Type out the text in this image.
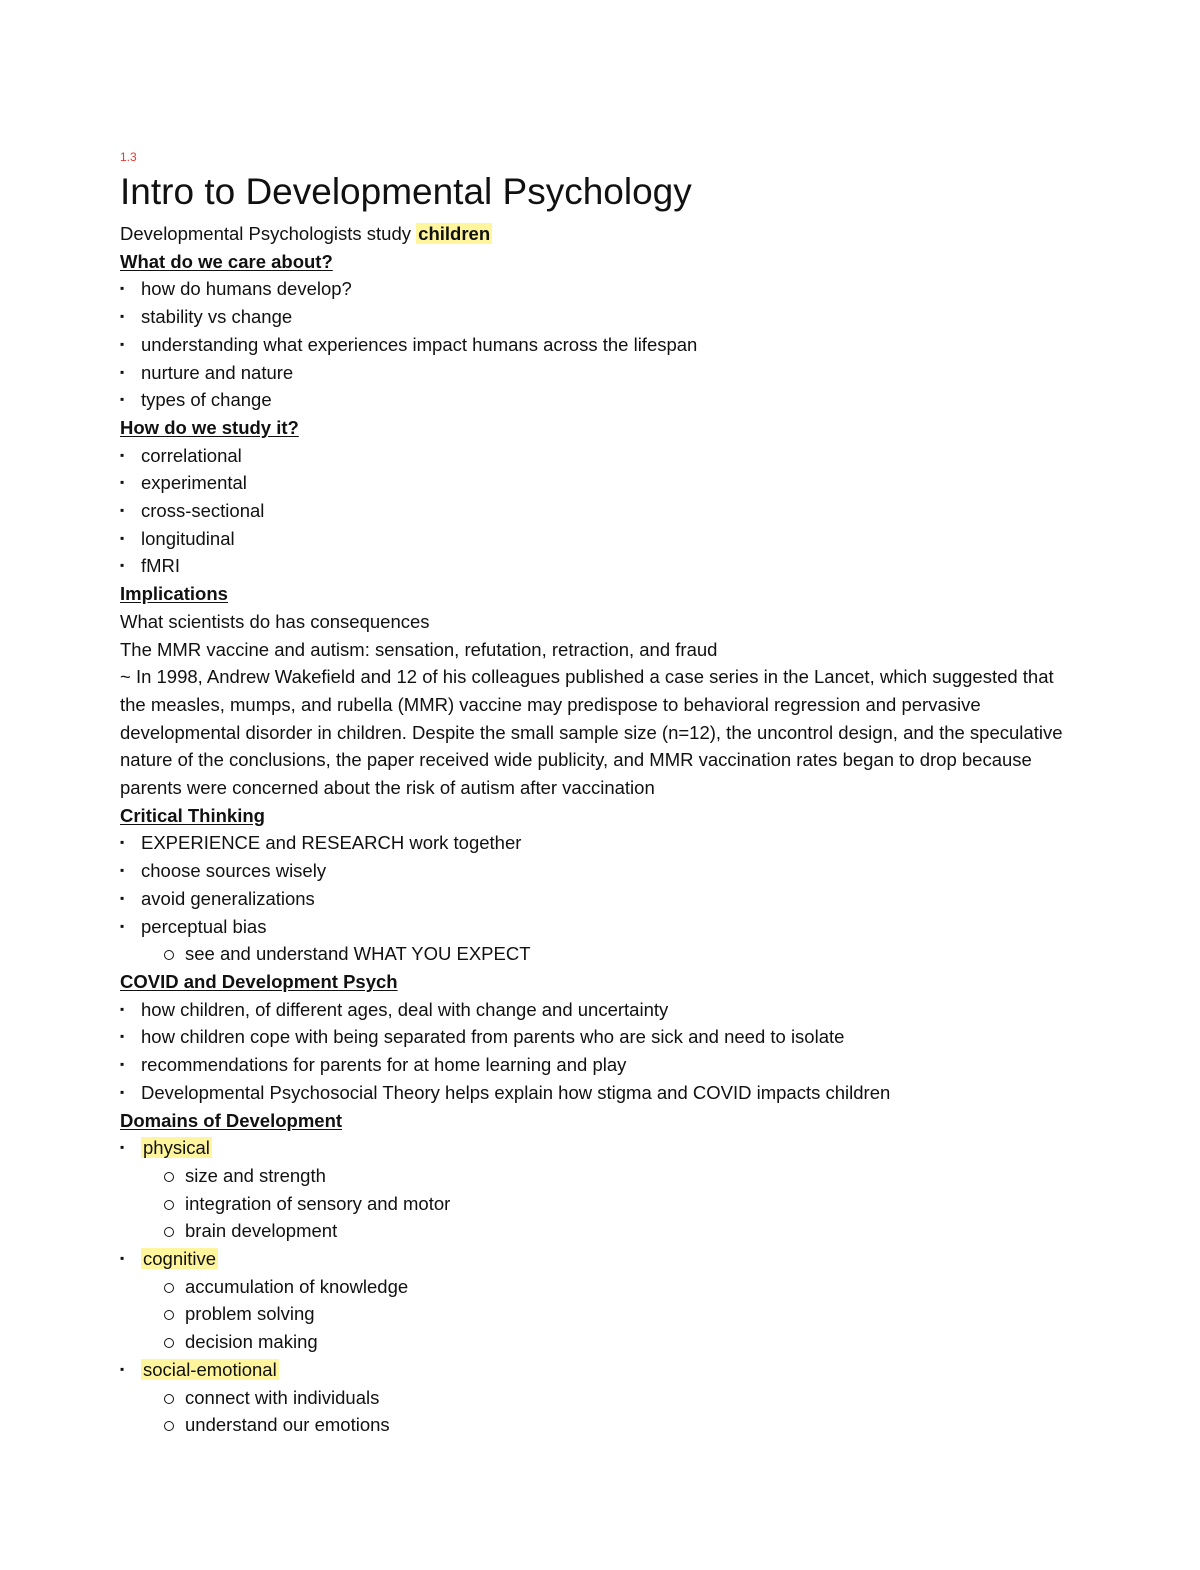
1.3
Intro to Developmental Psychology
Developmental Psychologists study children
What do we care about?
▪ how do humans develop?
▪ stability vs change
▪ understanding what experiences impact humans across the lifespan
▪ nurture and nature
▪ types of change
How do we study it?
▪ correlational
▪ experimental
▪ cross-sectional
▪ longitudinal
▪ fMRI
Implications
What scientists do has consequences
The MMR vaccine and autism: sensation, refutation, retraction, and fraud
~ In 1998, Andrew Wakefield and 12 of his colleagues published a case series in the Lancet, which suggested that the measles, mumps, and rubella (MMR) vaccine may predispose to behavioral regression and pervasive developmental disorder in children. Despite the small sample size (n=12), the uncontrol design, and the speculative nature of the conclusions, the paper received wide publicity, and MMR vaccination rates began to drop because parents were concerned about the risk of autism after vaccination
Critical Thinking
▪ EXPERIENCE and RESEARCH work together
▪ choose sources wisely
▪ avoid generalizations
▪ perceptual bias
see and understand WHAT YOU EXPECT
COVID and Development Psych
▪ how children, of different ages, deal with change and uncertainty
▪ how children cope with being separated from parents who are sick and need to isolate
▪ recommendations for parents for at home learning and play
▪ Developmental Psychosocial Theory helps explain how stigma and COVID impacts children
Domains of Development
▪ physical
size and strength
integration of sensory and motor
brain development
▪ cognitive
accumulation of knowledge
problem solving
decision making
▪ social-emotional
connect with individuals
understand our emotions
